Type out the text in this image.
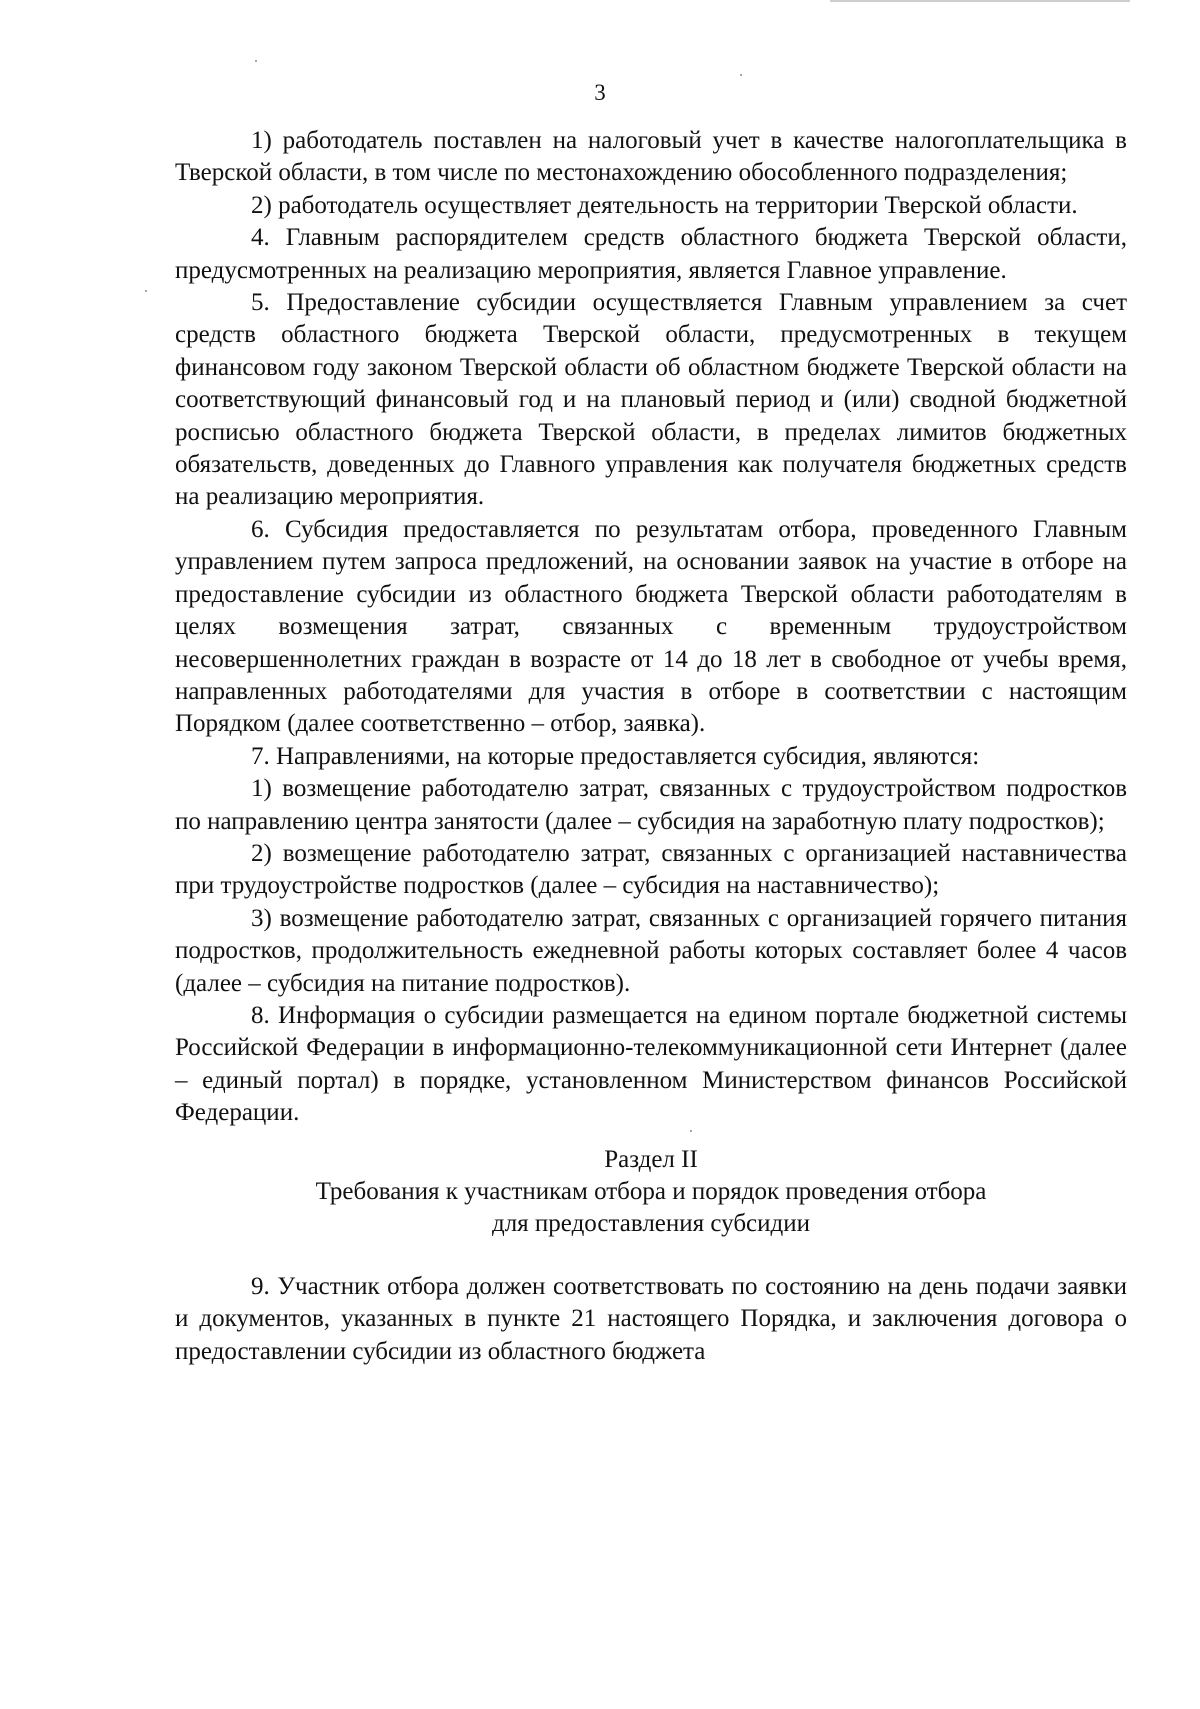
3

1) работодатель поставлен на налоговый учет в качестве налогоплательщика в Тверской области, в том числе по местонахождению обособленного подразделения;

2) работодатель осуществляет деятельность на территории Тверской области.

4. Главным распорядителем средств областного бюджета Тверской области, предусмотренных на реализацию мероприятия, является Главное управление.

5. Предоставление субсидии осуществляется Главным управлением за счет средств областного бюджета Тверской области, предусмотренных в текущем финансовом году законом Тверской области об областном бюджете Тверской области на соответствующий финансовый год и на плановый период и (или) сводной бюджетной росписью областного бюджета Тверской области, в пределах лимитов бюджетных обязательств, доведенных до Главного управления как получателя бюджетных средств на реализацию мероприятия.

6. Субсидия предоставляется по результатам отбора, проведенного Главным управлением путем запроса предложений, на основании заявок на участие в отборе на предоставление субсидии из областного бюджета Тверской области работодателям в целях возмещения затрат, связанных с временным трудоустройством несовершеннолетних граждан в возрасте от 14 до 18 лет в свободное от учебы время, направленных работодателями для участия в отборе в соответствии с настоящим Порядком (далее соответственно – отбор, заявка).

7. Направлениями, на которые предоставляется субсидия, являются:

1) возмещение работодателю затрат, связанных с трудоустройством подростков по направлению центра занятости (далее – субсидия на заработную плату подростков);

2) возмещение работодателю затрат, связанных с организацией наставничества при трудоустройстве подростков (далее – субсидия на наставничество);

3) возмещение работодателю затрат, связанных с организацией горячего питания подростков, продолжительность ежедневной работы которых составляет более 4 часов (далее – субсидия на питание подростков).

8. Информация о субсидии размещается на едином портале бюджетной системы Российской Федерации в информационно-телекоммуникационной сети Интернет (далее – единый портал) в порядке, установленном Министерством финансов Российской Федерации.

Раздел II
Требования к участникам отбора и порядок проведения отбора
для предоставления субсидии

9. Участник отбора должен соответствовать по состоянию на день подачи заявки и документов, указанных в пункте 21 настоящего Порядка, и заключения договора о предоставлении субсидии из областного бюджета
